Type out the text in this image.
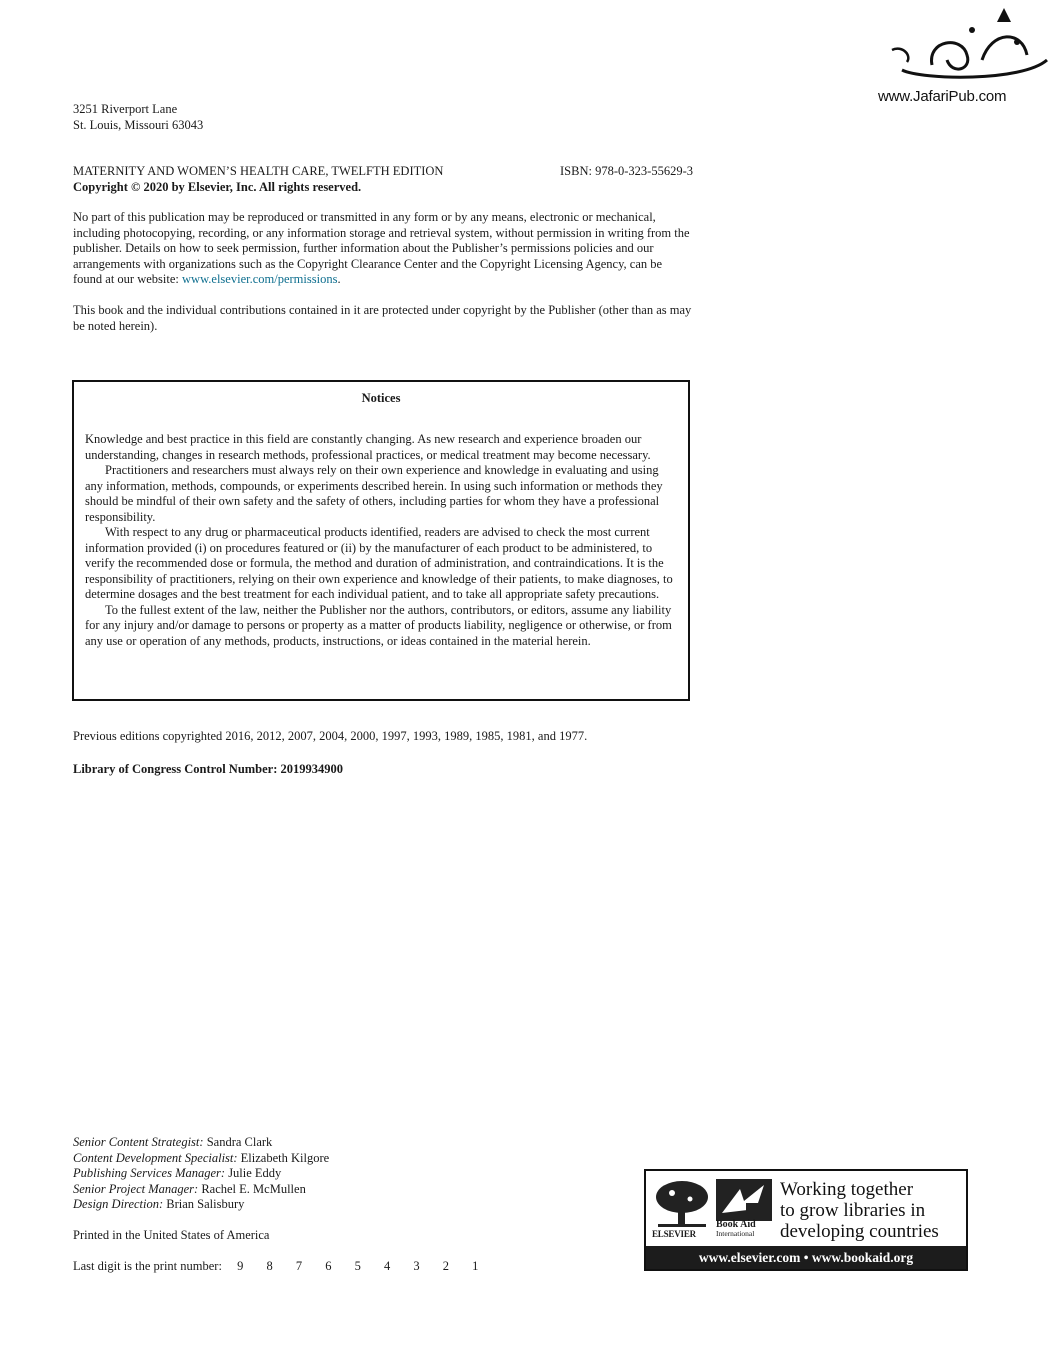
www.JafariPub.com
3251 Riverport Lane
St. Louis, Missouri 63043
MATERNITY AND WOMEN’S HEALTH CARE, TWELFTH EDITION	ISBN: 978-0-323-55629-3
Copyright © 2020 by Elsevier, Inc. All rights reserved.
No part of this publication may be reproduced or transmitted in any form or by any means, electronic or mechanical, including photocopying, recording, or any information storage and retrieval system, without permission in writing from the publisher. Details on how to seek permission, further information about the Publisher’s permissions policies and our arrangements with organizations such as the Copyright Clearance Center and the Copyright Licensing Agency, can be found at our website: www.elsevier.com/permissions.
This book and the individual contributions contained in it are protected under copyright by the Publisher (other than as may be noted herein).
Notices

Knowledge and best practice in this field are constantly changing. As new research and experience broaden our understanding, changes in research methods, professional practices, or medical treatment may become necessary.

Practitioners and researchers must always rely on their own experience and knowledge in evaluating and using any information, methods, compounds, or experiments described herein. In using such information or methods they should be mindful of their own safety and the safety of others, including parties for whom they have a professional responsibility.

With respect to any drug or pharmaceutical products identified, readers are advised to check the most current information provided (i) on procedures featured or (ii) by the manufacturer of each product to be administered, to verify the recommended dose or formula, the method and duration of administration, and contraindications. It is the responsibility of practitioners, relying on their own experience and knowledge of their patients, to make diagnoses, to determine dosages and the best treatment for each individual patient, and to take all appropriate safety precautions.

To the fullest extent of the law, neither the Publisher nor the authors, contributors, or editors, assume any liability for any injury and/or damage to persons or property as a matter of products liability, negligence or otherwise, or from any use or operation of any methods, products, instructions, or ideas contained in the material herein.

Previous editions copyrighted 2016, 2012, 2007, 2004, 2000, 1997, 1993, 1989, 1985, 1981, and 1977.
Library of Congress Control Number: 2019934900
Senior Content Strategist: Sandra Clark
Content Development Specialist: Elizabeth Kilgore
Publishing Services Manager: Julie Eddy
Senior Project Manager: Rachel E. McMullen
Design Direction: Brian Salisbury
Printed in the United States of America
Last digit is the print number: 9 8 7 6 5 4 3 2 1
ELSEVIER
Book Aid
International
Working together
to grow libraries in
developing countries
www.elsevier.com • www.bookaid.org
